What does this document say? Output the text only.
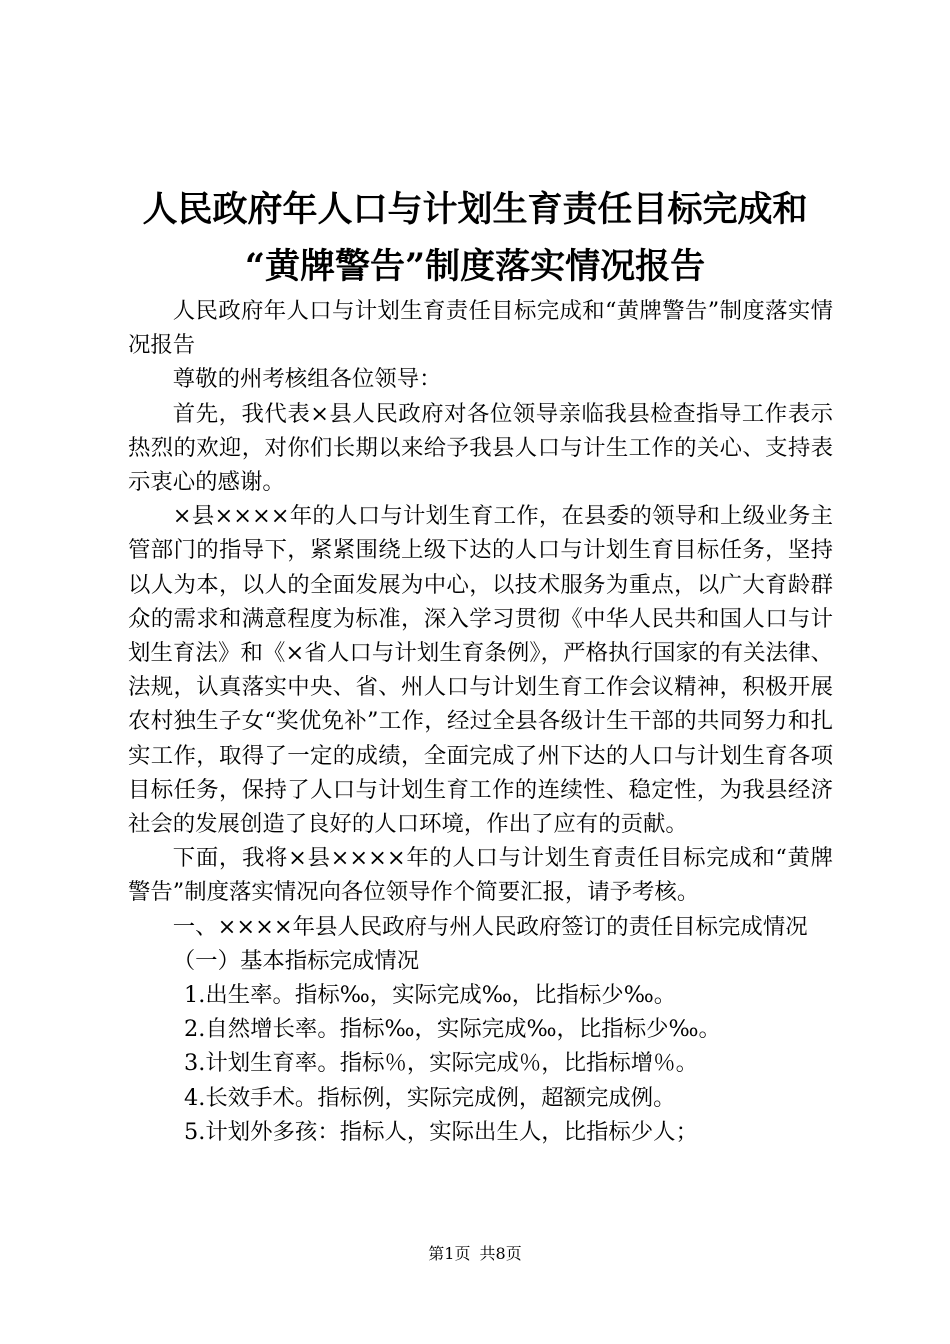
人民政府年人口与计划生育责任目标完成和
“黄牌警告”制度落实情况报告

人民政府年人口与计划生育责任目标完成和“黄牌警告”制度落实情况报告

尊敬的州考核组各位领导：

首先，我代表×县人民政府对各位领导亲临我县检查指导工作表示热烈的欢迎，对你们长期以来给予我县人口与计生工作的关心、支持表示衷心的感谢。

×县××××年的人口与计划生育工作，在县委的领导和上级业务主管部门的指导下，紧紧围绕上级下达的人口与计划生育目标任务，坚持以人为本，以人的全面发展为中心，以技术服务为重点，以广大育龄群众的需求和满意程度为标准，深入学习贯彻《中华人民共和国人口与计划生育法》和《×省人口与计划生育条例》，严格执行国家的有关法律、法规，认真落实中央、省、州人口与计划生育工作会议精神，积极开展农村独生子女“奖优免补”工作，经过全县各级计生干部的共同努力和扎实工作，取得了一定的成绩，全面完成了州下达的人口与计划生育各项目标任务，保持了人口与计划生育工作的连续性、稳定性，为我县经济社会的发展创造了良好的人口环境，作出了应有的贡献。

下面，我将×县××××年的人口与计划生育责任目标完成和“黄牌警告”制度落实情况向各位领导作个简要汇报，请予考核。

一、××××年县人民政府与州人民政府签订的责任目标完成情况

（一）基本指标完成情况

1.出生率。指标‰，实际完成‰，比指标少‰。

2.自然增长率。指标‰，实际完成‰，比指标少‰。

3.计划生育率。指标％，实际完成％，比指标增％。

4.长效手术。指标例，实际完成例，超额完成例。

5.计划外多孩：指标人，实际出生人，比指标少人；

第1页 共8页
